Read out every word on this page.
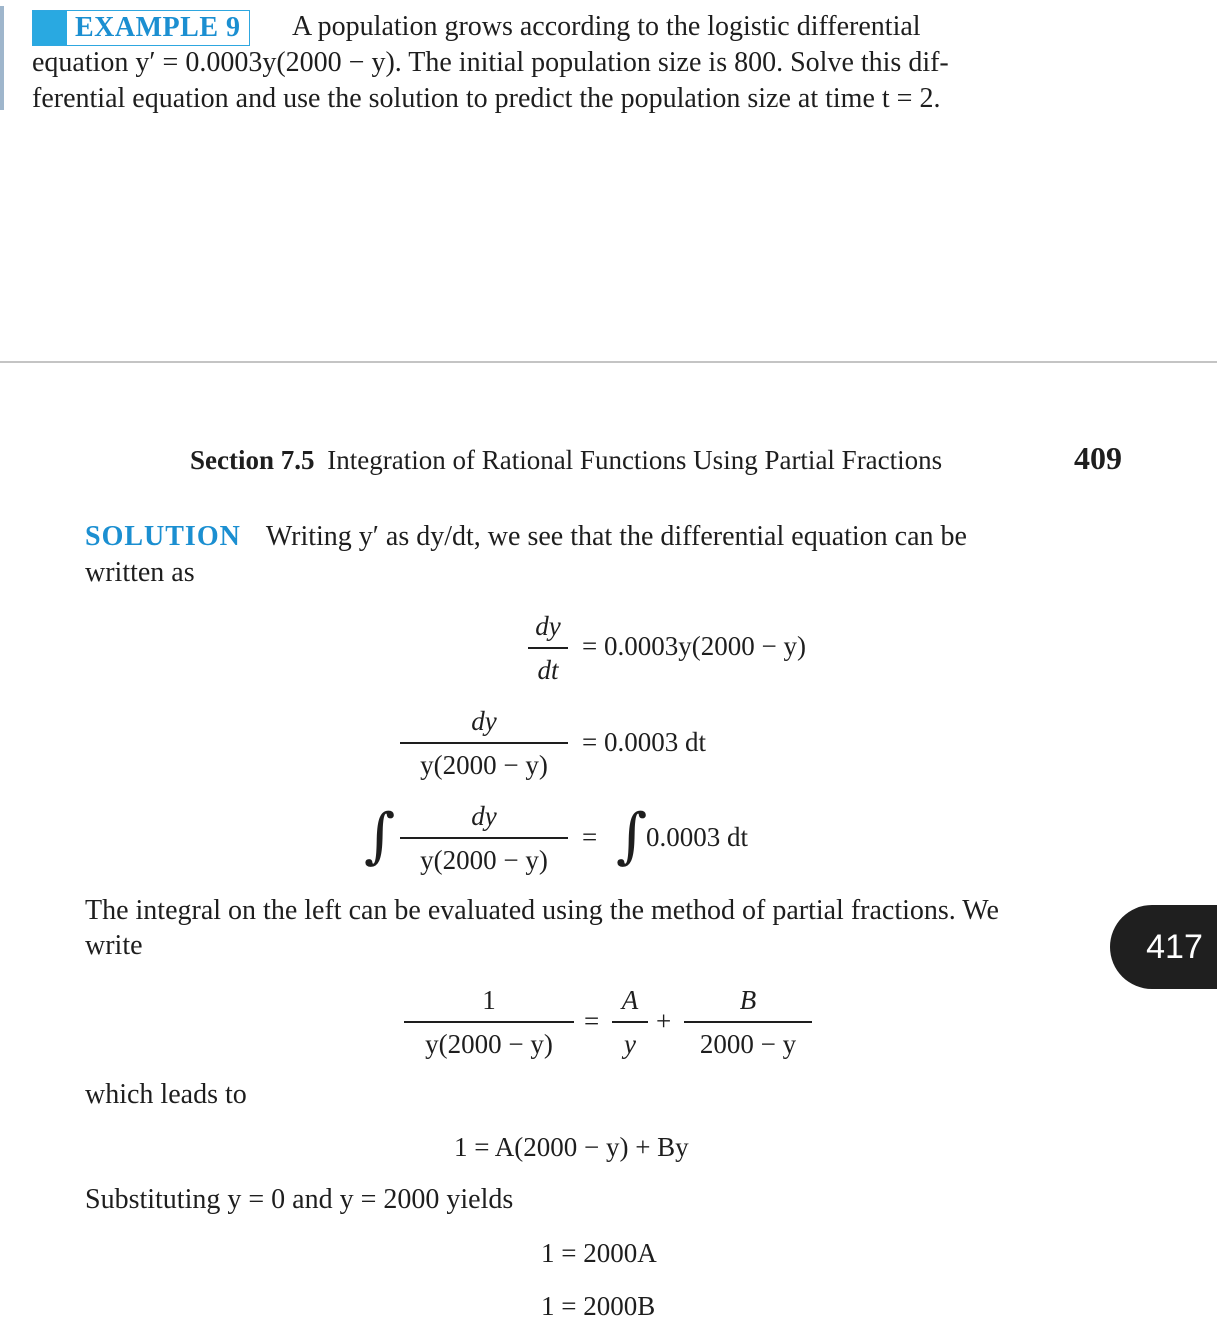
EXAMPLE 9 A population grows according to the logistic differential
equation y′ = 0.0003y(2000 − y). The initial population size is 800. Solve this dif-
ferential equation and use the solution to predict the population size at time t = 2.
Section 7.5 Integration of Rational Functions Using Partial Fractions	409
SOLUTION Writing y′ as dy/dt, we see that the differential equation can be
written as
dy
dt
= 0.0003y(2000 − y)
dy
y(2000 − y)
= 0.0003 dt
∫	dy
y(2000 − y)
= ∫
0.0003 dt
The integral on the left can be evaluated using the method of partial fractions. We
write
1
y(2000 − y)
=
A
y
+
B
2000 − y
which leads to
1 = A(2000 − y) + By
Substituting y = 0 and y = 2000 yields
1 = 2000A
1 = 2000B
417
